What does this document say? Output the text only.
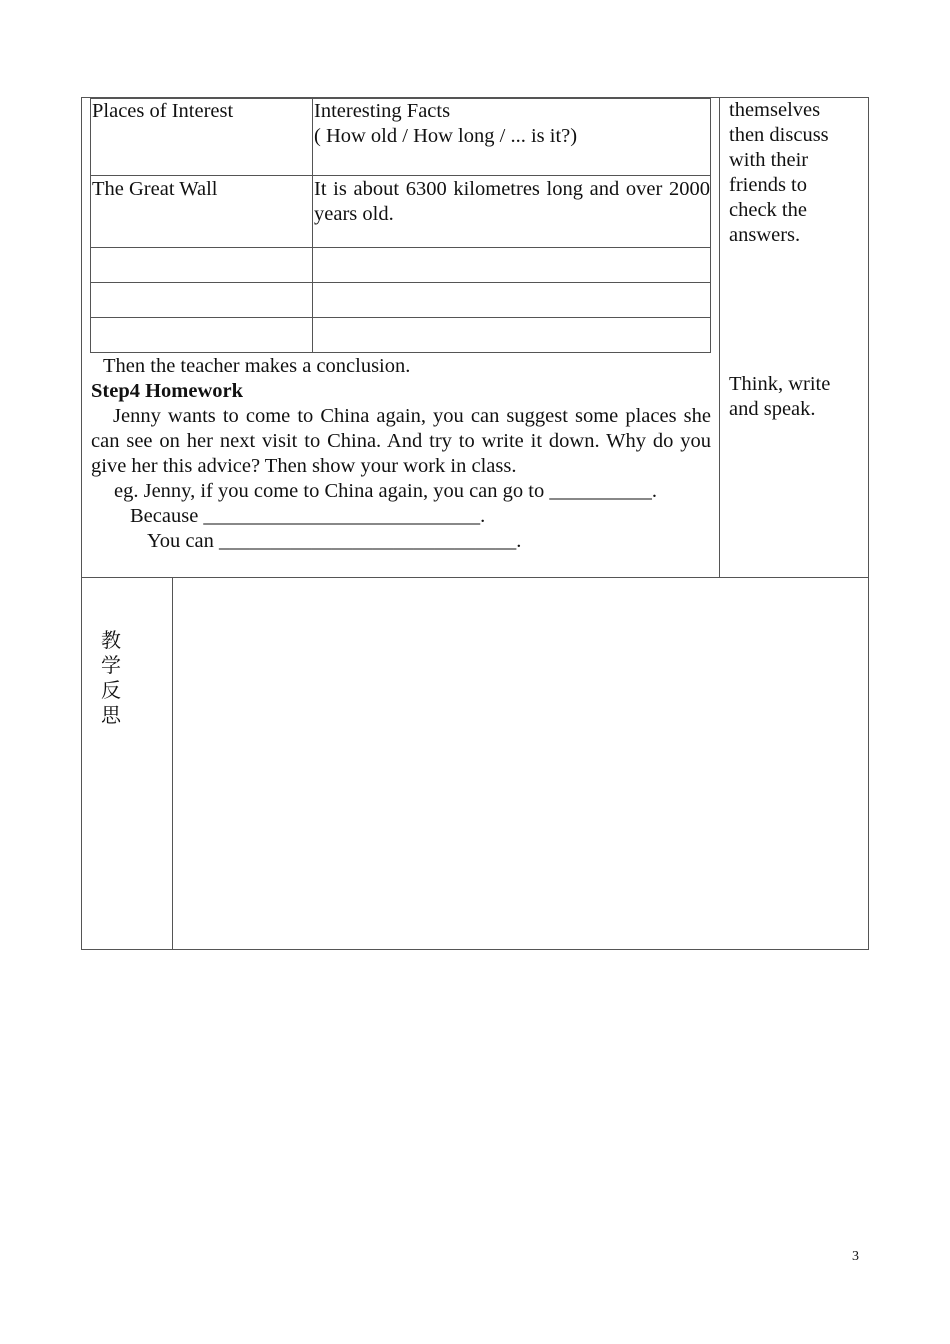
Places of Interest	Interesting Facts
( How old / How long / ... is it?)
The Great Wall	It is about 6300 kilometres long and over 2000 years old.
Then the teacher makes a conclusion.
Step4 Homework
Jenny wants to come to China again, you can suggest some places she can see on her next visit to China. And try to write it down. Why do you give her this advice? Then show your work in class.
eg. Jenny, if you come to China again, you can go to __________.
Because ___________________________.
You can _____________________________.
themselves then discuss with their friends to check the answers.
Think, write and speak.
教
学
反
思
3
